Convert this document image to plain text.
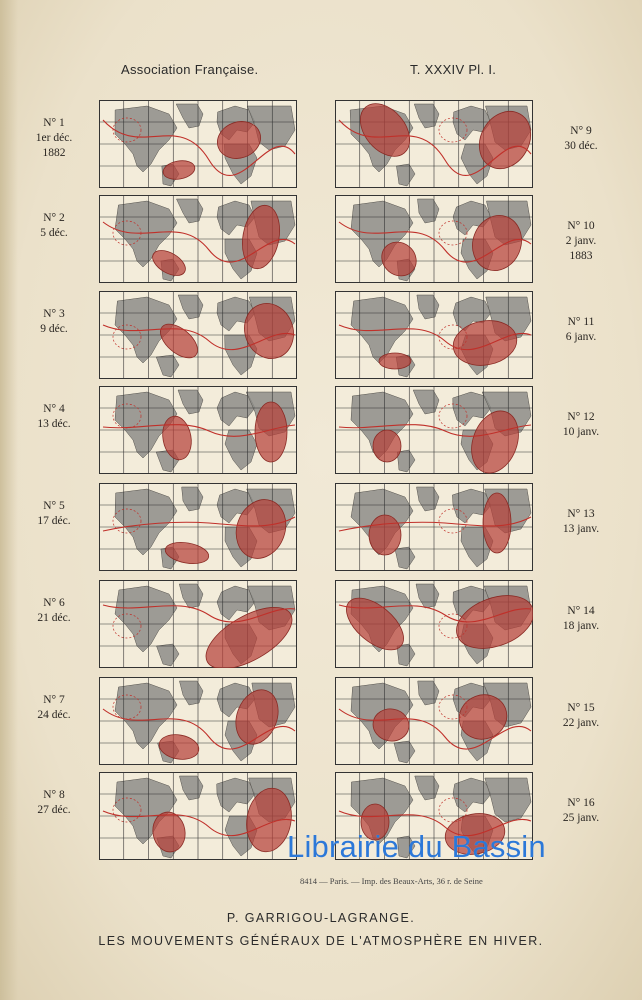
Association Française.	T. XXXIV Pl. I.
N° 1
1er déc.
1882
N° 9
30 déc.
N° 2
5 déc.
N° 10
2 janv.
1883
N° 3
9 déc.
N° 11
6 janv.
N° 4
13 déc.
N° 12
10 janv.
N° 5
17 déc.
N° 13
13 janv.
N° 6
21 déc.
N° 14
18 janv.
N° 7
24 déc.
N° 15
22 janv.
N° 8
27 déc.
N° 16
25 janv.
8414 — Paris. — Imp. des Beaux-Arts, 36 r. de Seine
P. GARRIGOU-LAGRANGE.
LES MOUVEMENTS GÉNÉRAUX DE L'ATMOSPHÈRE EN HIVER.
Librairie du Bassin
